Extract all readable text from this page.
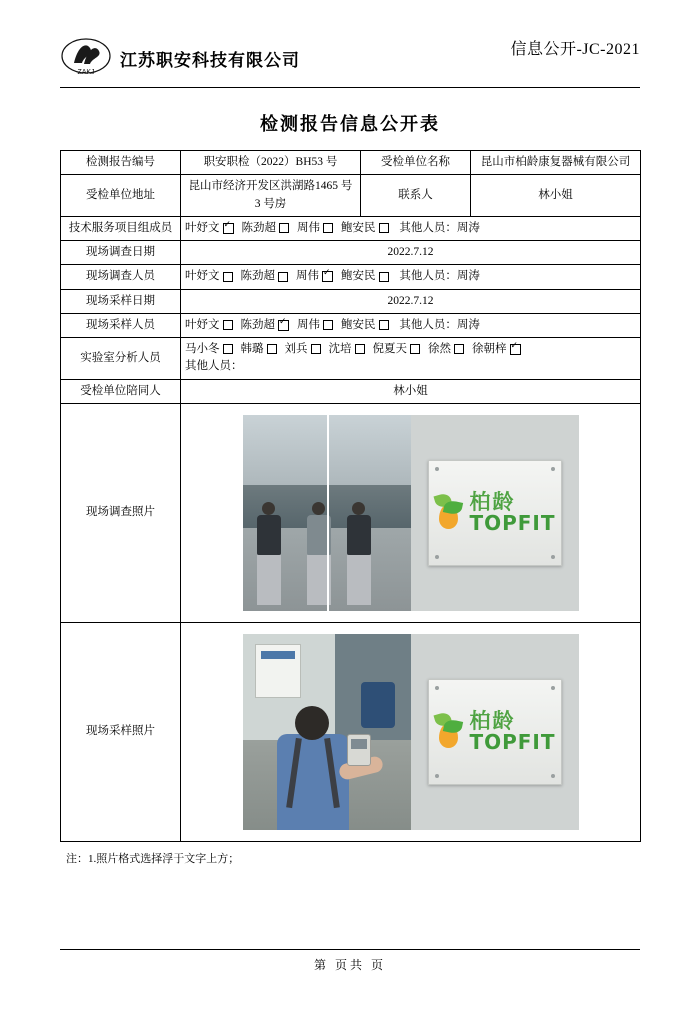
ZAKJ
江苏职安科技有限公司
信息公开-JC-2021
检测报告信息公开表
检测报告编号	职安职检（2022）BH53 号	受检单位名称	昆山市柏龄康复器械有限公司
受检单位地址	昆山市经济开发区洪湖路1465 号 3 号房	联系人	林小姐
技术服务项目组成员	叶妤文 ✓ 陈劲超 周伟 鲍安民 其他人员：周涛
现场调查日期	2022.7.12		
现场调查人员	叶妤文 陈劲超 周伟 ✓ 鲍安民 其他人员：周涛
现场采样日期	2022.7.12		
现场采样人员	叶妤文 陈劲超 ✓ 周伟 鲍安民 其他人员：周涛
实验室分析人员	马小冬 韩璐 刘兵 沈培 倪夏天 徐然 徐朝梓✓
其他人员：

受检单位陪同人	林小姐		
现场调查照片	柏龄
TOPFIT		

现场采样照片	柏龄
TOPFIT		
注：1.照片格式选择浮于文字上方；
第 页共 页
